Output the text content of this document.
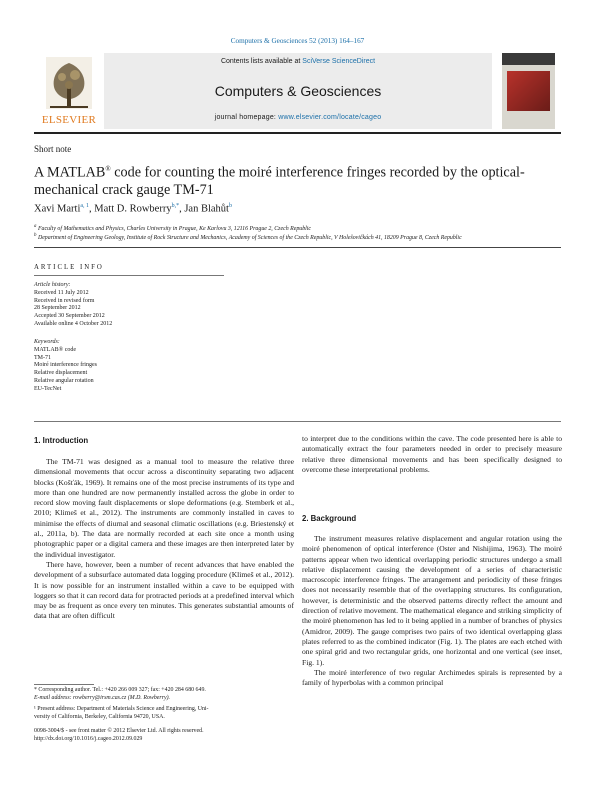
Computers & Geosciences 52 (2013) 164–167
ELSEVIER
Contents lists available at SciVerse ScienceDirect
Computers & Geosciences
journal homepage: www.elsevier.com/locate/cageo
Short note
A MATLAB® code for counting the moiré interference fringes recorded by the optical-mechanical crack gauge TM-71
Xavi Marti$^{a, 1}$, Matt D. Rowberry$^{b,*}$, Jan Blahůt$^b$
$^a$ Faculty of Mathematics and Physics, Charles University in Prague, Ke Karlovu 3, 12116 Prague 2, Czech Republic
$^b$ Department of Engineering Geology, Institute of Rock Structure and Mechanics, Academy of Sciences of the Czech Republic, V Holešovičkách 41, 18209 Prague 8, Czech Republic
ARTICLE INFO
Article history:
Received 11 July 2012
Received in revised form
28 September 2012
Accepted 30 September 2012
Available online 4 October 2012
Keywords:
MATLAB® code
TM-71
Moiré interference fringes
Relative displacement
Relative angular rotation
EU-TecNet
1. Introduction

The TM-71 was designed as a manual tool to measure the relative three dimensional movements that occur across a discontinuity separating two adjacent blocks (Košťák, 1969). It remains one of the most precise instruments of its type and more than one hundred are now permanently installed across the globe in order to record slow moving fault displacements or slope deformations (e.g. Stemberk et al., 2010; Klimeš et al., 2012). The instruments are commonly installed in caves to minimise the effects of diurnal and seasonal climatic oscillations (e.g. Briestenský et al., 2011a, b). The data are normally recorded at each site once a month using photographic paper or a digital camera and these images are then interpreted later by the individual investigator.

There have, however, been a number of recent advances that have enabled the development of a subsurface automated data logging procedure (Klimeš et al., 2012). It is now possible for an instrument installed within a cave to be equipped with loggers so that it can record data for protracted periods at a predefined interval which may be as frequent as once every ten minutes. This generates substantial amounts of data that are often difficult

to interpret due to the conditions within the cave. The code presented here is able to automatically extract the four parameters needed in order to precisely measure relative three dimensional movements and has been specifically designed to overcome these interpretational problems.

2. Background

The instrument measures relative displacement and angular rotation using the moiré phenomenon of optical interference (Oster and Nishijima, 1963). The moiré patterns appear when two identical overlapping periodic structures undergo a small relative displacement causing the development of a series of characteristic macroscopic interference fringes. The arrangement and periodicity of these fringes does not necessarily resemble that of the overlapping structures. Its configuration, however, is deterministic and the observed patterns directly reflect the amount and direction of relative movement. The mathematical elegance and striking simplicity of the moiré phenomenon has led to it being applied in a number of branches of physics (Amidror, 2009). The gauge comprises two pairs of two identical overlapping glass plates referred to as the combined indicator (Fig. 1). The plates are each etched with one spiral grid and two rectangular grids, one horizontal and one vertical (see inset, Fig. 1).

The moiré interference of two regular Archimedes spirals is represented by a family of hyperbolas with a common principal

* Corresponding author. Tel.: +420 266 009 327; fax: +420 284 680 649.
E-mail address: rowberry@irsm.cas.cz (M.D. Rowberry).
¹ Present address: Department of Materials Science and Engineering, Uni-
versity of California, Berkeley, California 94720, USA.
0098-3004/$ - see front matter © 2012 Elsevier Ltd. All rights reserved.
http://dx.doi.org/10.1016/j.cageo.2012.09.029
